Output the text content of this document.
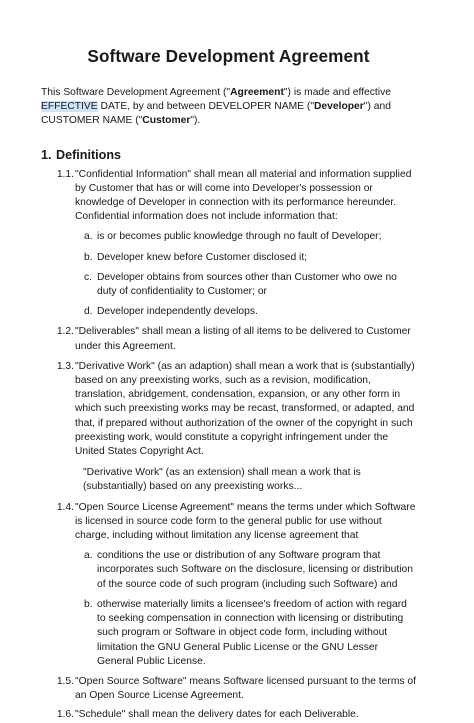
Software Development Agreement

This Software Development Agreement ("Agreement") is made and effective EFFECTIVE DATE, by and between DEVELOPER NAME ("Developer") and CUSTOMER NAME ("Customer").

1. Definitions
1.1. "Confidential Information" shall mean all material and information supplied by Customer that has or will come into Developer's possession or knowledge of Developer in connection with its performance hereunder. Confidential information does not include information that:
a. is or becomes public knowledge through no fault of Developer;
b. Developer knew before Customer disclosed it;
c. Developer obtains from sources other than Customer who owe no duty of confidentiality to Customer; or
d. Developer independently develops.
1.2. "Deliverables" shall mean a listing of all items to be delivered to Customer under this Agreement.
1.3. "Derivative Work" (as an adaption) shall mean a work that is (substantially) based on any preexisting works, such as a revision, modification, translation, abridgement, condensation, expansion, or any other form in which such preexisting works may be recast, transformed, or adapted, and that, if prepared without authorization of the owner of the copyright in such preexisting work, would constitute a copyright infringement under the United States Copyright Act.
"Derivative Work" (as an extension) shall mean a work that is (substantially) based on any preexisting works...
1.4. "Open Source License Agreement" means the terms under which Software is licensed in source code form to the general public for use without charge, including without limitation any license agreement that
a. conditions the use or distribution of any Software program that incorporates such Software on the disclosure, licensing or distribution of the source code of such program (including such Software) and
b. otherwise materially limits a licensee's freedom of action with regard to seeking compensation in connection with licensing or distributing such program or Software in object code form, including without limitation the GNU General Public License or the GNU Lesser General Public License.
1.5. "Open Source Software" means Software licensed pursuant to the terms of an Open Source License Agreement.
1.6. "Schedule" shall mean the delivery dates for each Deliverable.
